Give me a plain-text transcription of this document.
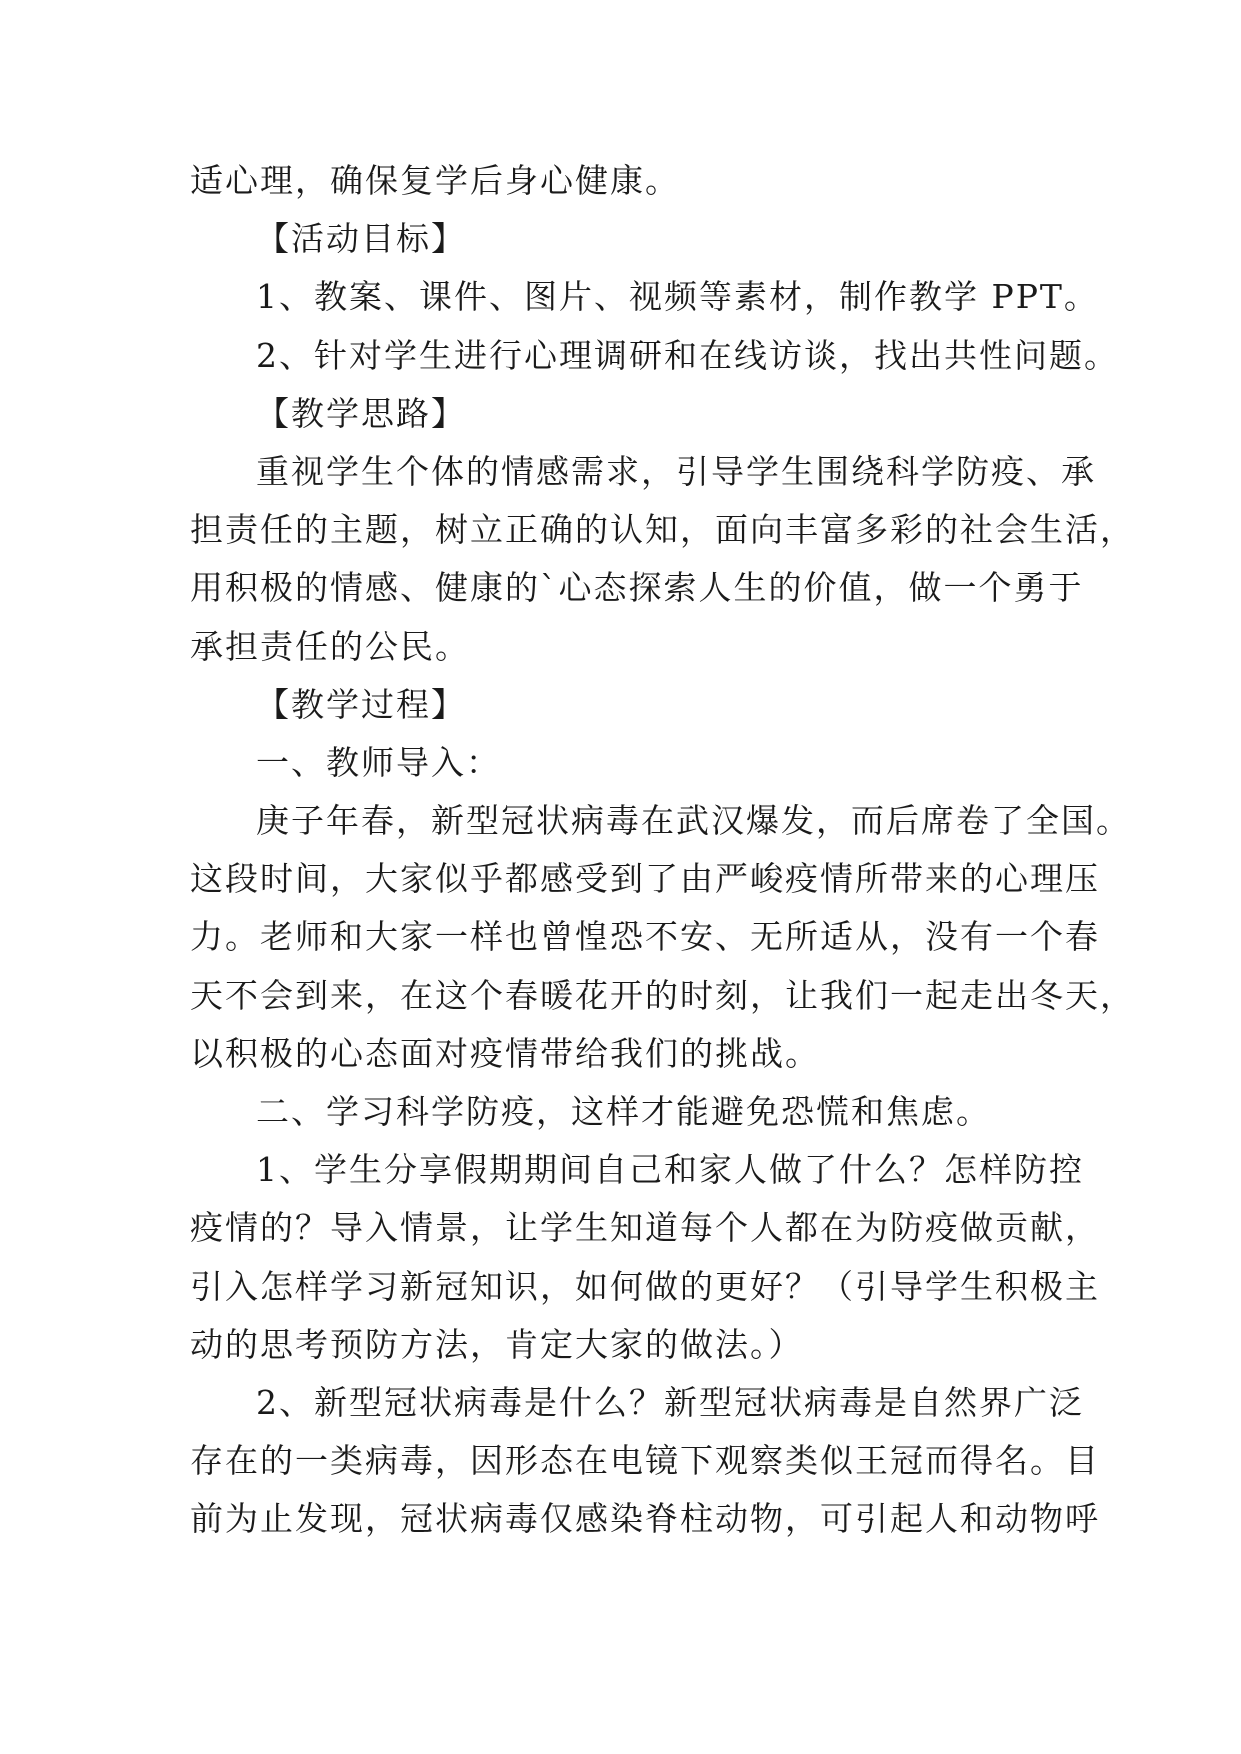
适心理，确保复学后身心健康。

【活动目标】

1、教案、课件、图片、视频等素材，制作教学 PPT。

2、针对学生进行心理调研和在线访谈，找出共性问题。

【教学思路】

重视学生个体的情感需求，引导学生围绕科学防疫、承

担责任的主题，树立正确的认知，面向丰富多彩的社会生活，

用积极的情感、健康的`心态探索人生的价值，做一个勇于

承担责任的公民。

【教学过程】

一、教师导入：

庚子年春，新型冠状病毒在武汉爆发，而后席卷了全国。

这段时间，大家似乎都感受到了由严峻疫情所带来的心理压

力。老师和大家一样也曾惶恐不安、无所适从，没有一个春

天不会到来，在这个春暖花开的时刻，让我们一起走出冬天，

以积极的心态面对疫情带给我们的挑战。

二、学习科学防疫，这样才能避免恐慌和焦虑。

1、学生分享假期期间自己和家人做了什么？怎样防控

疫情的？导入情景，让学生知道每个人都在为防疫做贡献，

引入怎样学习新冠知识，如何做的更好？（引导学生积极主

动的思考预防方法，肯定大家的做法。）

2、新型冠状病毒是什么？新型冠状病毒是自然界广泛

存在的一类病毒，因形态在电镜下观察类似王冠而得名。目

前为止发现，冠状病毒仅感染脊柱动物，可引起人和动物呼
